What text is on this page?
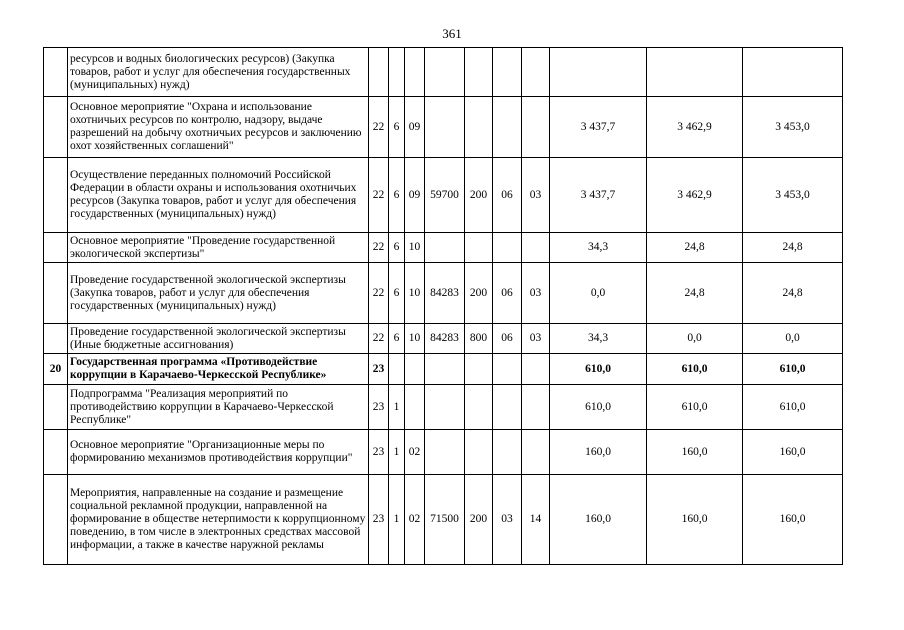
361
	ресурсов и водных биологических ресурсов) (Закупка товаров, работ и услуг для обеспечения государственных (муниципальных) нужд)										
	Основное мероприятие "Охрана и использование охотничьих ресурсов по контролю, надзору, выдаче разрешений на добычу охотничьих ресурсов и заключению охот хозяйственных соглашений"	22	6	09					3 437,7	3 462,9	3 453,0
	Осуществление переданных полномочий Российской Федерации в области охраны и использования охотничьих ресурсов (Закупка товаров, работ и услуг для обеспечения государственных (муниципальных) нужд)	22	6	09	59700	200	06	03	3 437,7	3 462,9	3 453,0
	Основное мероприятие "Проведение государственной экологической экспертизы"	22	6	10					34,3	24,8	24,8
	Проведение государственной экологической экспертизы (Закупка товаров, работ и услуг для обеспечения государственных (муниципальных) нужд)	22	6	10	84283	200	06	03	0,0	24,8	24,8
	Проведение государственной экологической экспертизы (Иные бюджетные ассигнования)	22	6	10	84283	800	06	03	34,3	0,0	0,0
20	Государственная программа «Противодействие коррупции в Карачаево-Черкесской Республике»	23							610,0	610,0	610,0
	Подпрограмма "Реализация мероприятий по противодействию коррупции в Карачаево-Черкесской Республике"	23	1						610,0	610,0	610,0
	Основное мероприятие "Организационные меры по формированию механизмов противодействия коррупции"	23	1	02					160,0	160,0	160,0
	Мероприятия, направленные на создание и размещение социальной рекламной продукции, направленной на формирование в обществе нетерпимости к коррупционному поведению, в том числе в электронных средствах массовой информации, а также в качестве наружной рекламы	23	1	02	71500	200	03	14	160,0	160,0	160,0
